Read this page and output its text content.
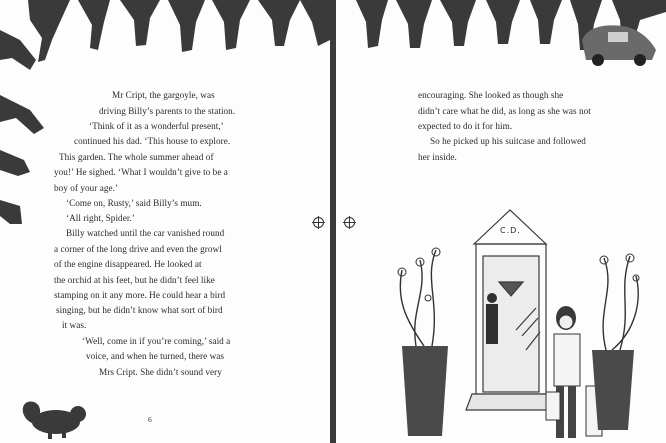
Mr Cript, the gargoyle, was
driving Billy’s parents to the station.
‘Think of it as a wonderful present,’
continued his dad. ‘This house to explore.
This garden. The whole summer ahead of
you!’ He sighed. ‘What I wouldn’t give to be a
boy of your age.’
‘Come on, Rusty,’ said Billy’s mum.
‘All right, Spider.’
Billy watched until the car vanished round
a corner of the long drive and even the growl
of the engine disappeared. He looked at
the orchid at his feet, but he didn’t feel like
stamping on it any more. He could hear a bird
singing, but he didn’t know what sort of bird
it was.
‘Well, come in if you’re coming,’ said a
voice, and when he turned, there was
Mrs Cript. She didn’t sound very
6
C.D.
encouraging. She looked as though she
didn’t care what he did, as long as she was not
expected to do it for him.
So he picked up his suitcase and followed
her inside.
